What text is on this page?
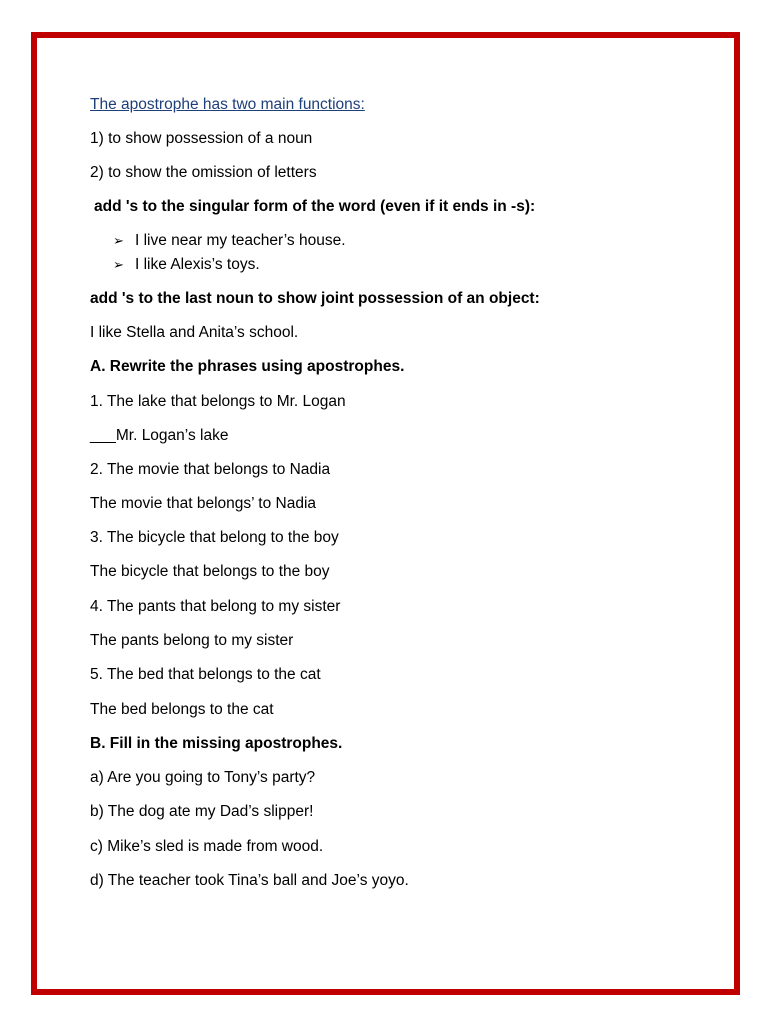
The apostrophe has two main functions:
1) to show possession of a noun
2) to show the omission of letters
add 's to the singular form of the word (even if it ends in -s):
➢ I live near my teacher’s house.
➢ I like Alexis’s toys.
add 's to the last noun to show joint possession of an object:
I like Stella and Anita’s school.
A. Rewrite the phrases using apostrophes.
1. The lake that belongs to Mr. Logan
___Mr. Logan’s lake
2. The movie that belongs to Nadia
The movie that belongs’ to Nadia
3. The bicycle that belong to the boy
The bicycle that belongs to the boy
4. The pants that belong to my sister
The pants belong to my sister
5. The bed that belongs to the cat
The bed belongs to the cat
B. Fill in the missing apostrophes.
a) Are you going to Tony’s party?
b) The dog ate my Dad’s slipper!
c) Mike’s sled is made from wood.
d) The teacher took Tina’s ball and Joe’s yoyo.
